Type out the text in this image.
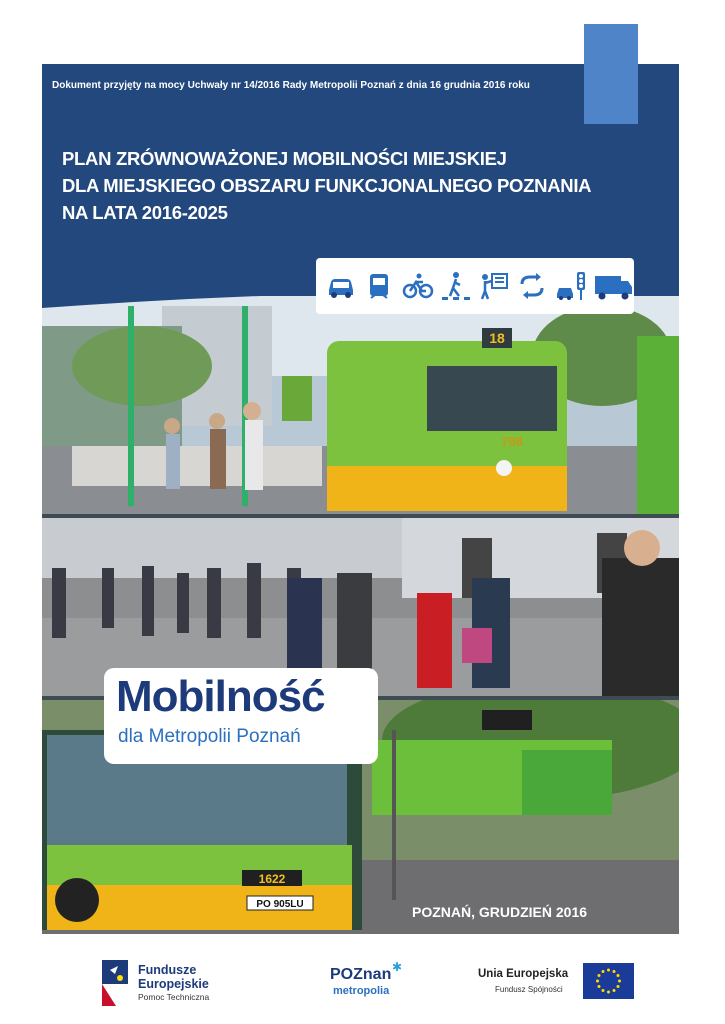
Dokument przyjęty na mocy Uchwały nr 14/2016 Rady Metropolii Poznań z dnia 16 grudnia 2016 roku
PLAN ZRÓWNOWAŻONEJ MOBILNOŚCI MIEJSKIEJ
DLA MIEJSKIEGO OBSZARU FUNKCJONALNEGO POZNANIA
NA LATA 2016-2025
18
798
1622
PO 905LU
Mobilność
dla Metropolii Poznań
POZNAŃ, GRUDZIEŃ 2016
Fundusze
Europejskie
Pomoc Techniczna
POZnan ✱
metropolia
Unia Europejska
Fundusz Spójności
